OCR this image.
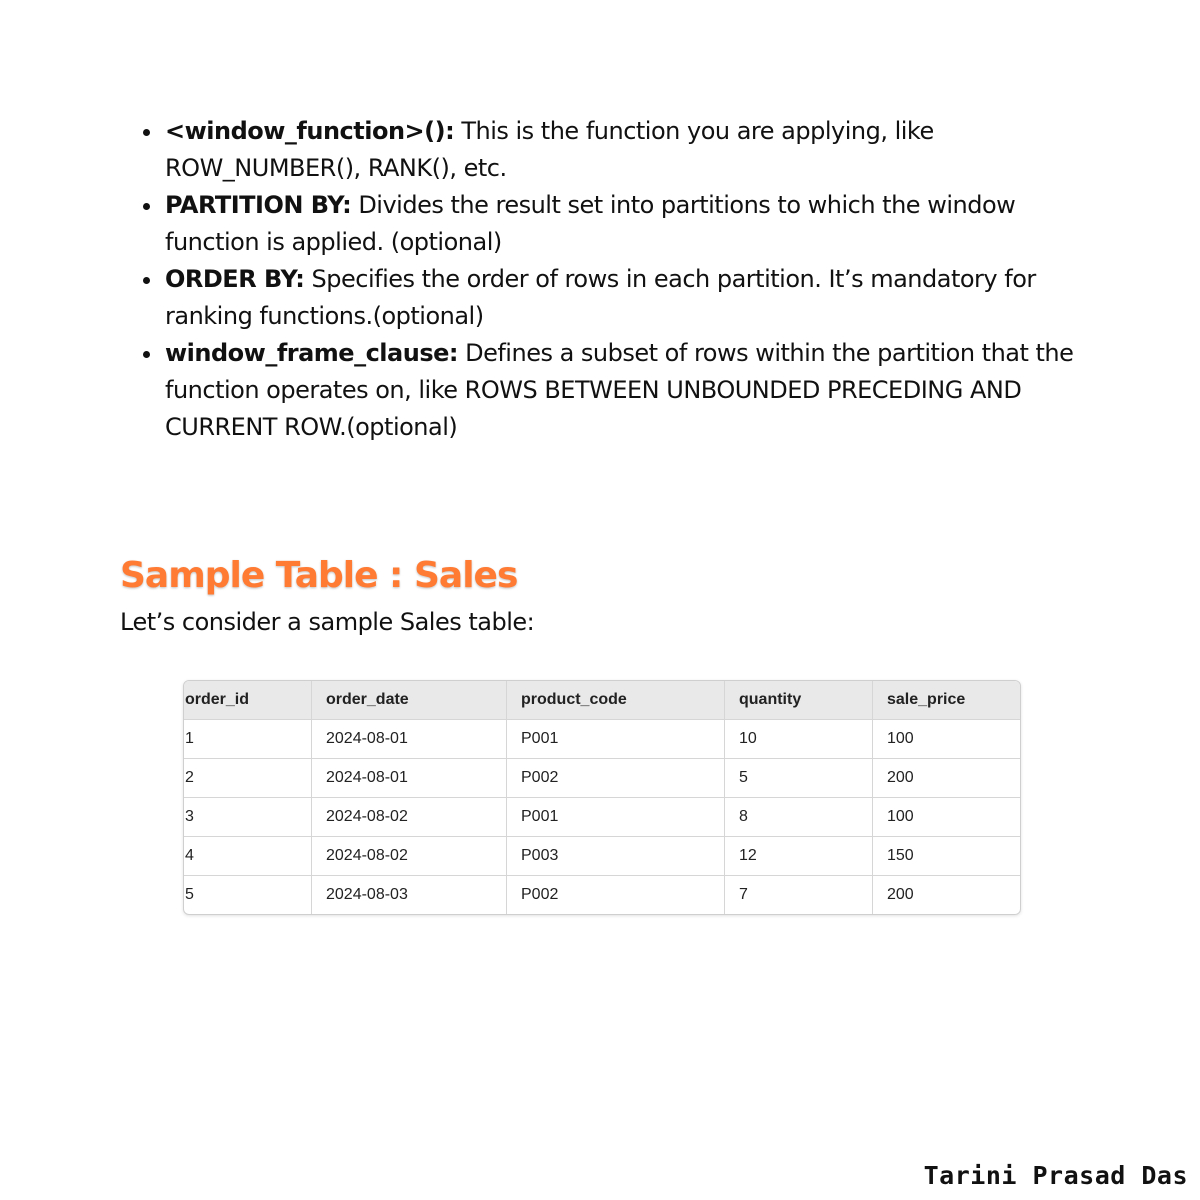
<window_function>(): This is the function you are applying, like ROW_NUMBER(), RANK(), etc.
PARTITION BY: Divides the result set into partitions to which the window function is applied. (optional)
ORDER BY: Specifies the order of rows in each partition. It’s mandatory for ranking functions.(optional)
window_frame_clause: Defines a subset of rows within the partition that the function operates on, like ROWS BETWEEN UNBOUNDED PRECEDING AND CURRENT ROW.(optional)
Sample Table : Sales

Let’s consider a sample Sales table:

order_id	order_date	product_code	quantity	sale_price
1	2024-08-01	P001	10	100
2	2024-08-01	P002	5	200
3	2024-08-02	P001	8	100
4	2024-08-02	P003	12	150
5	2024-08-03	P002	7	200

Tarini Prasad Das
